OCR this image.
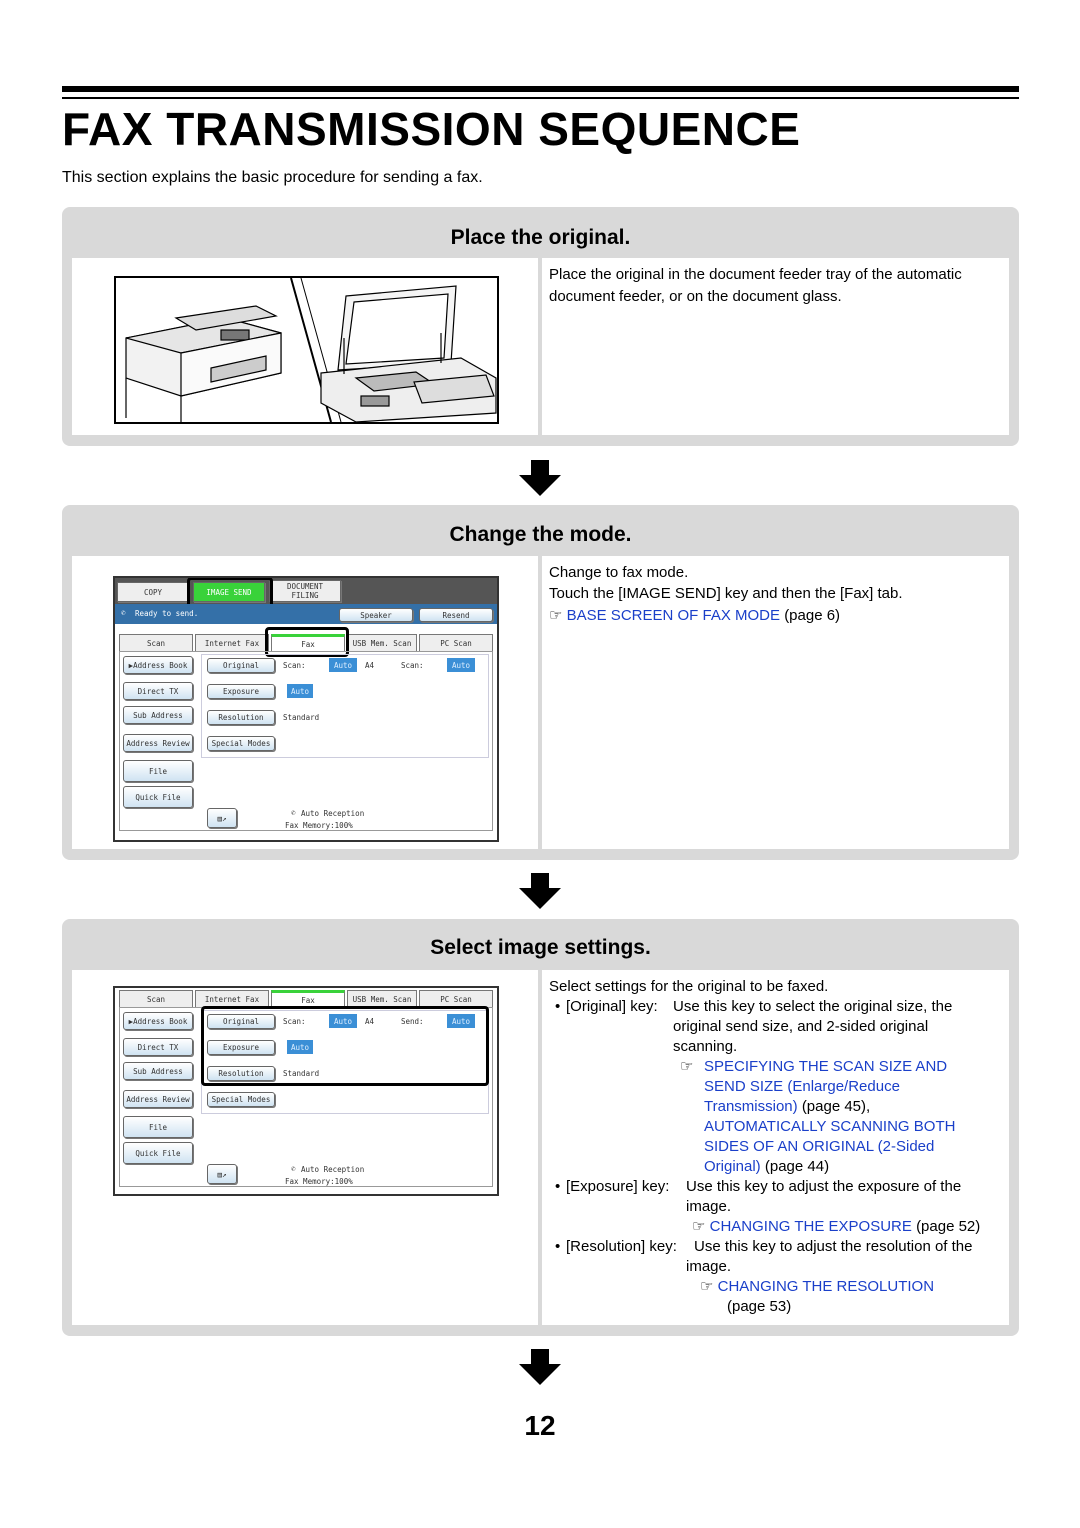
FAX TRANSMISSION SEQUENCE
This section explains the basic procedure for sending a fax.
Place the original.
Place the original in the document feeder tray of the automatic
document feeder, or on the document glass.
Change the mode.
COPY	IMAGE SEND
DOCUMENT
FILING
✆ Ready to send.	Speaker	Resend
Scan	Internet Fax	Fax	USB Mem. Scan	PC Scan
▶ Address Book
Direct TX
Sub Address
Address Review
File
Quick File
Original	Scan:	Auto	A4	Scan:	Auto
Exposure	Auto
Resolution	Standard
Special Modes
▤↗
✆ Auto Reception
Fax Memory:100%
Change to fax mode.
Touch the [IMAGE SEND] key and then the [Fax] tab.
☞ BASE SCREEN OF FAX MODE (page 6)
Select image settings.
Scan	Internet Fax	Fax	USB Mem. Scan	PC Scan
▶ Address Book
Direct TX
Sub Address
Address Review
File
Quick File
Original	Scan:	Auto	A4	Send:	Auto
Exposure	Auto
Resolution	Standard
Special Modes
▤↗
✆ Auto Reception
Fax Memory:100%
Select settings for the original to be faxed.
• [Original] key: Use this key to select the original size, the
original send size, and 2-sided original
scanning.
☞ SPECIFYING THE SCAN SIZE AND
SEND SIZE (Enlarge/Reduce
Transmission) (page 45),
AUTOMATICALLY SCANNING BOTH
SIDES OF AN ORIGINAL (2-Sided
Original) (page 44)
• [Exposure] key: Use this key to adjust the exposure of the
image.
☞ CHANGING THE EXPOSURE (page 52)
• [Resolution] key: Use this key to adjust the resolution of the
image.
☞ CHANGING THE RESOLUTION
(page 53)
12
